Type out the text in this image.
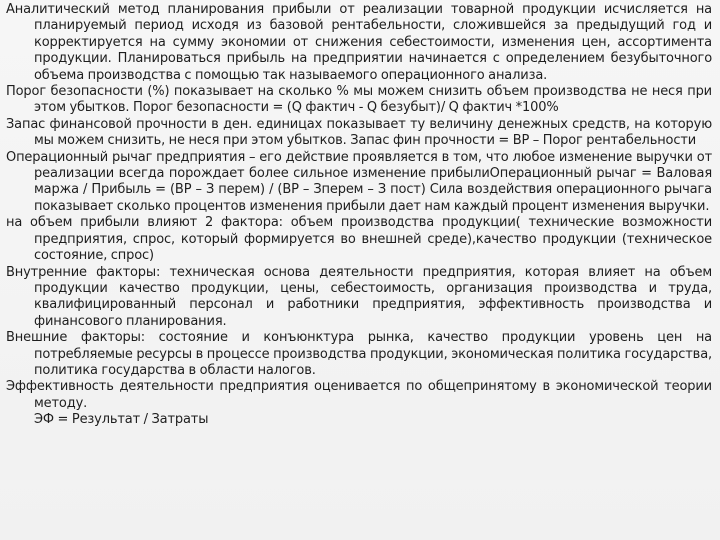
Аналитический метод планирования прибыли от реализации товарной продукции исчисляется на планируемый период исходя из базовой рентабельности, сложившейся за предыдущий год и корректируется на сумму экономии от снижения себестоимости, изменения цен, ассортимента продукции. Планироваться прибыль на предприятии начинается с определением безубыточного объема производства с помощью так называемого операционного анализа.

Порог безопасности (%) показывает на сколько % мы можем снизить объем производства не неся при этом убытков. Порог безопасности = (Q фактич - Q безубыт)/ Q фактич *100%

Запас финансовой прочности в ден. единицах показывает ту величину денежных средств, на которую мы можем снизить, не неся при этом убытков. Запас фин прочности = ВР – Порог рентабельности

Операционный рычаг предприятия – его действие проявляется в том, что любое изменение выручки от реализации всегда порождает более сильное изменение прибылиОперационный рычаг = Валовая маржа / Прибыль = (ВР – З перем) / (ВР – Зперем – З пост) Сила воздействия операционного рычага показывает сколько процентов изменения прибыли дает нам каждый процент изменения выручки.

на объем прибыли влияют 2 фактора: объем производства продукции( технические возможности предприятия, спрос, который формируется во внешней среде),качество продукции (техническое состояние, спрос)

Внутренние факторы: техническая основа деятельности предприятия, которая влияет на объем продукции качество продукции, цены, себестоимость, организация производства и труда, квалифицированный персонал и работники предприятия, эффективность производства и финансового планирования.

Внешние факторы: состояние и конъюнктура рынка, качество продукции уровень цен на потребляемые ресурсы в процессе производства продукции, экономическая политика государства, политика государства в области налогов.

Эффективность деятельности предприятия оценивается по общепринятому в экономической теории методу.
ЭФ = Результат / Затраты
